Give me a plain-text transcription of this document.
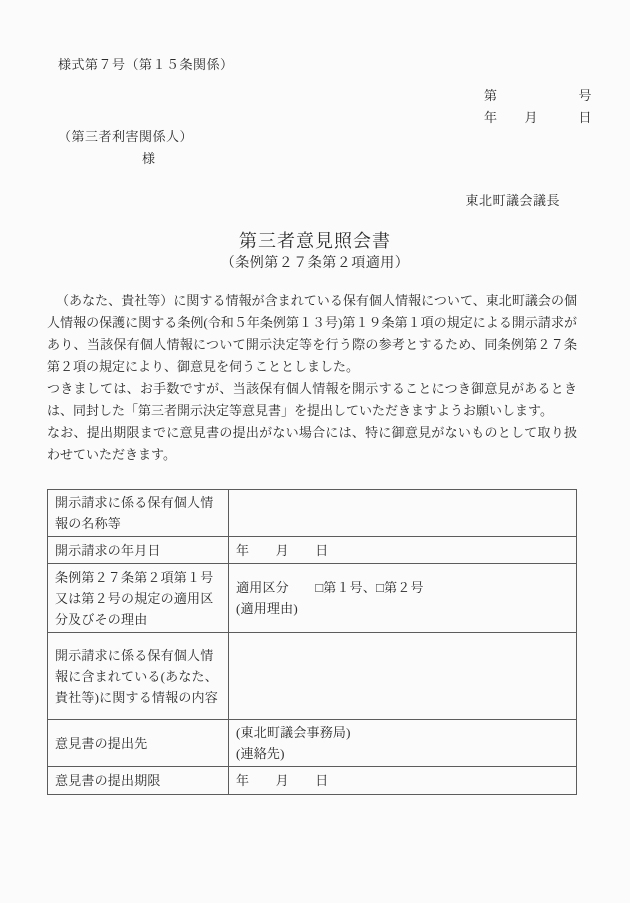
様式第７号（第１５条関係）
第　　　　　　号
年　　月　　　日
（第三者利害関係人）
様
東北町議会議長
第三者意見照会書
（条例第２７条第２項適用）

（あなた、貴社等）に関する情報が含まれている保有個人情報について、東北町議会の個人情報の保護に関する条例(令和５年条例第１３号)第１９条第１項の規定による開示請求があり、当該保有個人情報について開示決定等を行う際の参考とするため、同条例第２７条第２項の規定により、御意見を伺うこととしました。

つきましては、お手数ですが、当該保有個人情報を開示することにつき御意見があるときは、同封した「第三者開示決定等意見書」を提出していただきますようお願いします。

なお、提出期限までに意見書の提出がない場合には、特に御意見がないものとして取り扱わせていただきます。

開示請求に係る保有個人情報の名称等	
開示請求の年月日	年　　月　　日
条例第２７条第２項第１号又は第２号の規定の適用区分及びその理由	適用区分　　□第１号、□第２号
(適用理由)

開示請求に係る保有個人情報に含まれている(あなた、貴社等)に関する情報の内容	
意見書の提出先	(東北町議会事務局)
(連絡先)

意見書の提出期限	年　　月　　日
